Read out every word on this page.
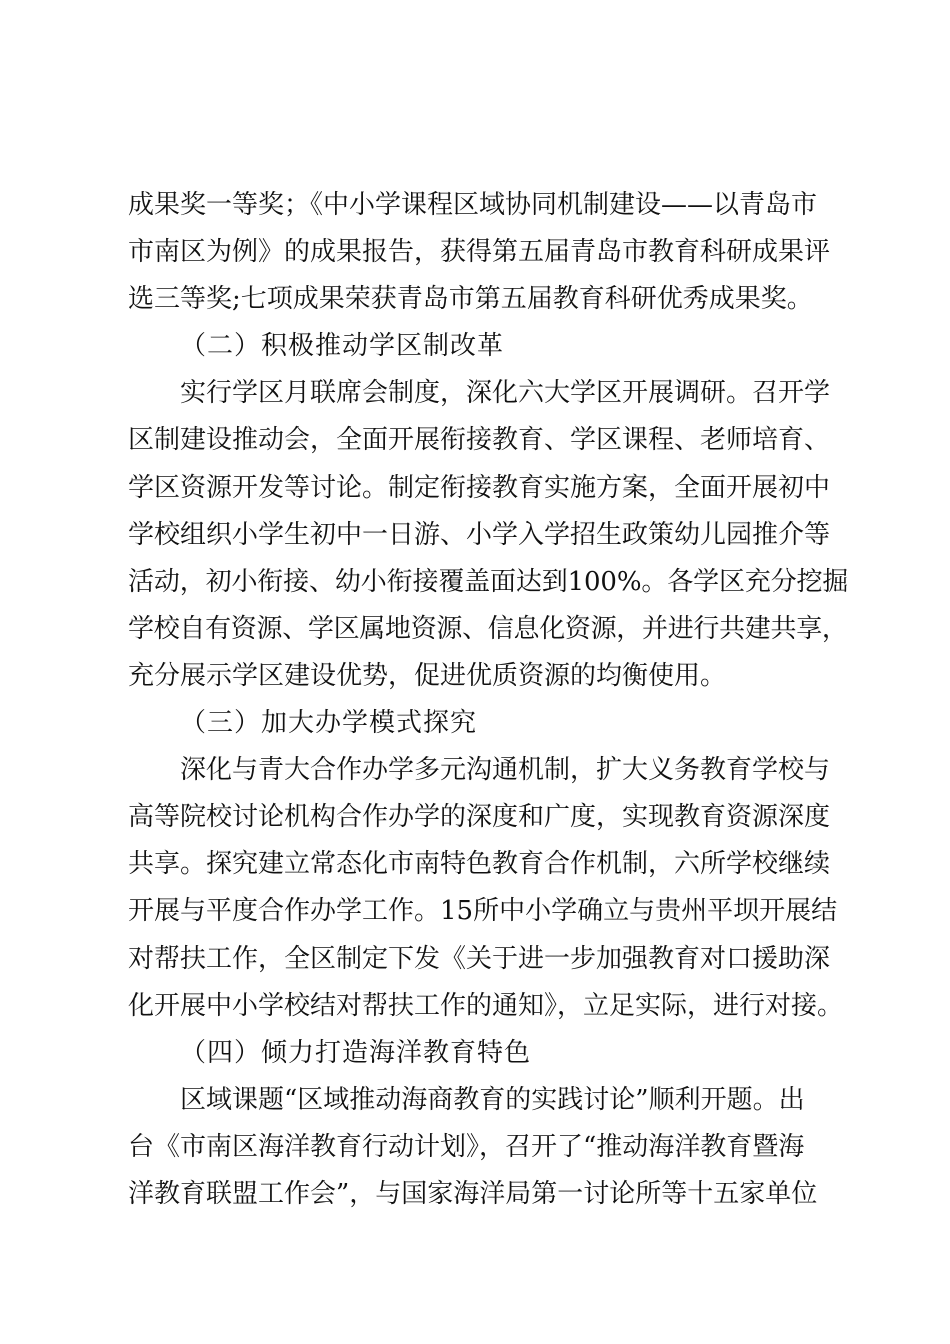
成果奖一等奖；《中小学课程区域协同机制建设——以青岛市
市南区为例》的成果报告，获得第五届青岛市教育科研成果评
选三等奖;七项成果荣获青岛市第五届教育科研优秀成果奖。
（二）积极推动学区制改革
实行学区月联席会制度，深化六大学区开展调研。召开学
区制建设推动会，全面开展衔接教育、学区课程、老师培育、
学区资源开发等讨论。制定衔接教育实施方案，全面开展初中
学校组织小学生初中一日游、小学入学招生政策幼儿园推介等
活动，初小衔接、幼小衔接覆盖面达到100%。各学区充分挖掘
学校自有资源、学区属地资源、信息化资源，并进行共建共享，
充分展示学区建设优势，促进优质资源的均衡使用。
（三）加大办学模式探究
深化与青大合作办学多元沟通机制，扩大义务教育学校与
高等院校讨论机构合作办学的深度和广度，实现教育资源深度
共享。探究建立常态化市南特色教育合作机制，六所学校继续
开展与平度合作办学工作。15所中小学确立与贵州平坝开展结
对帮扶工作，全区制定下发《关于进一步加强教育对口援助深
化开展中小学校结对帮扶工作的通知》，立足实际，进行对接。
（四）倾力打造海洋教育特色
区域课题“区域推动海商教育的实践讨论”顺利开题。出
台《市南区海洋教育行动计划》，召开了“推动海洋教育暨海
洋教育联盟工作会”，与国家海洋局第一讨论所等十五家单位
